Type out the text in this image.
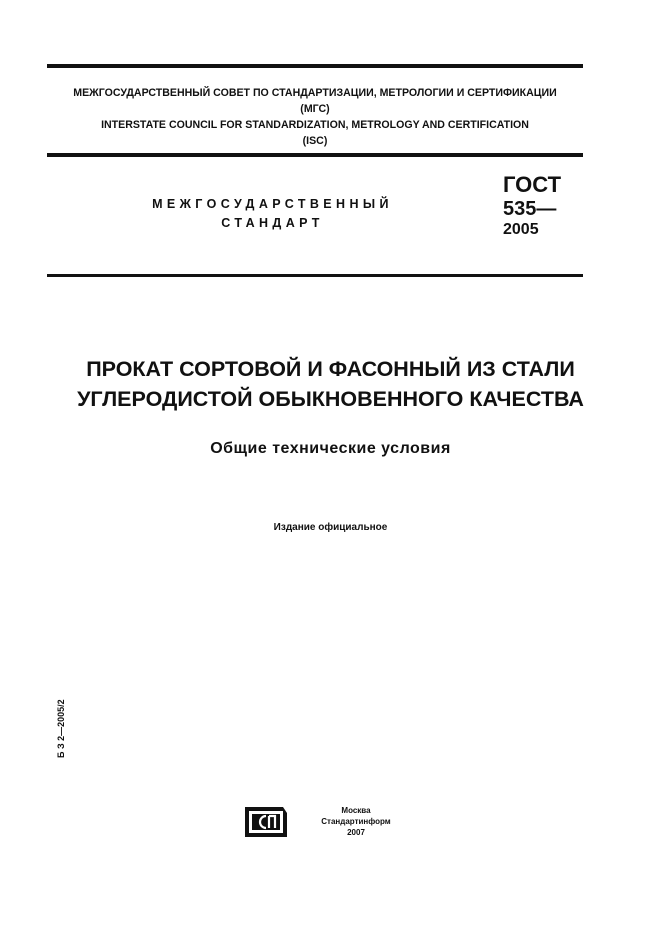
МЕЖГОСУДАРСТВЕННЫЙ СОВЕТ ПО СТАНДАРТИЗАЦИИ, МЕТРОЛОГИИ И СЕРТИФИКАЦИИ
(МГС)
INTERSTATE COUNCIL FOR STANDARDIZATION, METROLOGY AND CERTIFICATION
(ISC)
МЕЖГОСУДАРСТВЕННЫЙ
СТАНДАРТ
ГОСТ
535—
2005
ПРОКАТ СОРТОВОЙ И ФАСОННЫЙ ИЗ СТАЛИ
УГЛЕРОДИСТОЙ ОБЫКНОВЕННОГО КАЧЕСТВА
Общие технические условия
Издание официальное
Б З 2—2005/2
Москва
Стандартинформ
2007
